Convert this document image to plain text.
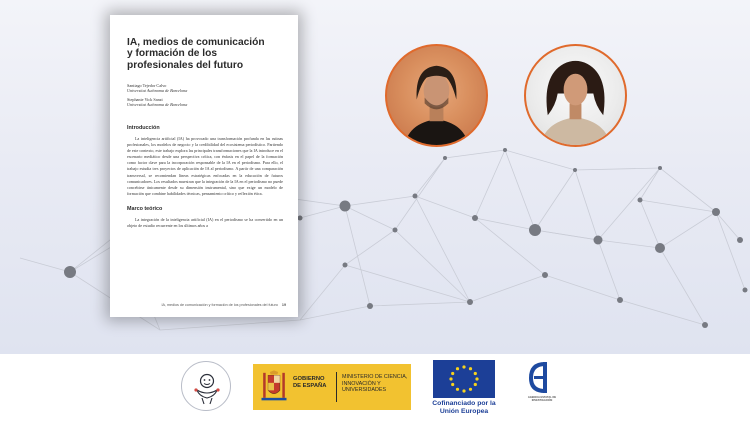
IA, medios de comunicación y formación de los profesionales del futuro
Santiago Tejedor Calvo
Universitat Autònoma de Barcelona
Stephanie Vick Sanzi
Universitat Autònoma de Barcelona
Introducción

La inteligencia artificial (IA) ha provocado una transformación profunda en las rutinas profesionales, los modelos de negocio y la credibilidad del ecosistema periodístico. Partiendo de este contexto, este trabajo explora las principales transformaciones que la IA introduce en el escenario mediático desde una perspectiva crítica, con énfasis en el papel de la formación como factor clave para la incorporación responsable de la IA en el periodismo. Para ello, el trabajo estudia tres proyectos de aplicación de IA al periodismo. A partir de una comparación transversal, se recomiendan líneas estratégicas enfocadas en la educación de futuros comunicadores. Los resultados muestran que la integración de la IA en el periodismo no puede concebirse únicamente desde su dimensión instrumental, sino que exige un modelo de formación que combine habilidades técnicas, pensamiento crítico y reflexión ética.

Marco teórico

La integración de la inteligencia artificial (IA) en el periodismo se ha convertido en un objeto de estudio recurrente en los últimos años a

IA, medios de comunicación y formación de los profesionales del futuro 19
GOBIERNO DE ESPAÑA
MINISTERIO DE CIENCIA, INNOVACIÓN Y UNIVERSIDADES
Cofinanciado por la Unión Europea
AGENCIA ESTATAL DE INVESTIGACIÓN
